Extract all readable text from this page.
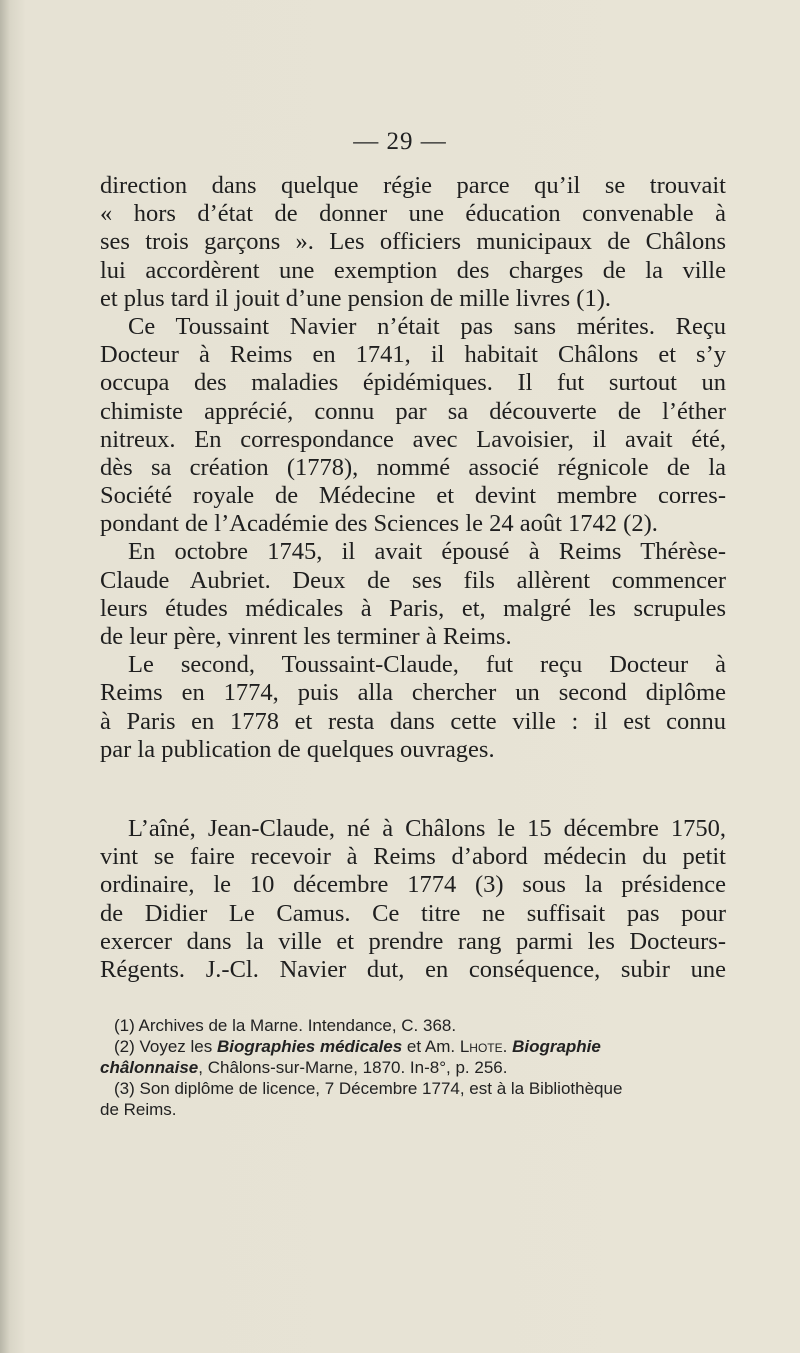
— 29 —
direction dans quelque régie parce qu’il se trouvait
« hors d’état de donner une éducation convenable à
ses trois garçons ». Les officiers municipaux de Châlons
lui accordèrent une exemption des charges de la ville
et plus tard il jouit d’une pension de mille livres (1).
Ce Toussaint Navier n’était pas sans mérites. Reçu
Docteur à Reims en 1741, il habitait Châlons et s’y
occupa des maladies épidémiques. Il fut surtout un
chimiste apprécié, connu par sa découverte de l’éther
nitreux. En correspondance avec Lavoisier, il avait été,
dès sa création (1778), nommé associé régnicole de la
Société royale de Médecine et devint membre corres-
pondant de l’Académie des Sciences le 24 août 1742 (2).
En octobre 1745, il avait épousé à Reims Thérèse-
Claude Aubriet. Deux de ses fils allèrent commencer
leurs études médicales à Paris, et, malgré les scrupules
de leur père, vinrent les terminer à Reims.
Le second, Toussaint-Claude, fut reçu Docteur à
Reims en 1774, puis alla chercher un second diplôme
à Paris en 1778 et resta dans cette ville : il est connu
par la publication de quelques ouvrages.
L’aîné, Jean-Claude, né à Châlons le 15 décembre 1750,
vint se faire recevoir à Reims d’abord médecin du petit
ordinaire, le 10 décembre 1774 (3) sous la présidence
de Didier Le Camus. Ce titre ne suffisait pas pour
exercer dans la ville et prendre rang parmi les Docteurs-
Régents. J.-Cl. Navier dut, en conséquence, subir une
(1) Archives de la Marne. Intendance, C. 368.
(2) Voyez les Biographies médicales et Am. Lhote. Biographie
châlonnaise, Châlons-sur-Marne, 1870. In-8°, p. 256.
(3) Son diplôme de licence, 7 Décembre 1774, est à la Bibliothèque
de Reims.
